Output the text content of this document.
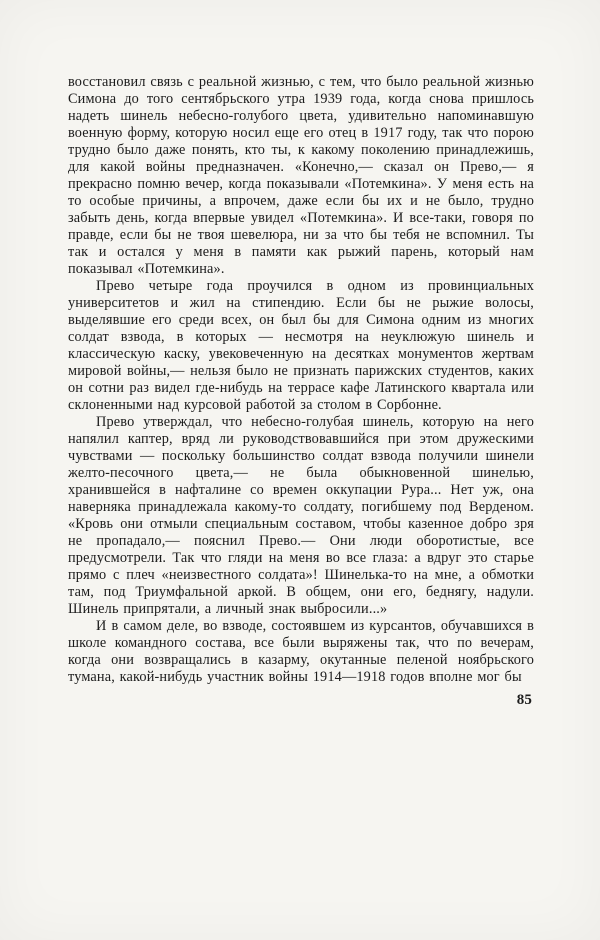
восстановил связь с реальной жизнью, с тем, что было реальной жизнью Симона до того сентябрьского утра 1939 года, когда снова пришлось надеть шинель небесно-голубого цвета, удивительно напоминавшую военную форму, которую носил еще его отец в 1917 году, так что порою трудно было даже понять, кто ты, к какому поколению принадлежишь, для какой войны предназначен. «Конечно,— сказал он Прево,— я прекрасно помню вечер, когда показывали «Потемкина». У меня есть на то особые причины, а впрочем, даже если бы их и не было, трудно забыть день, когда впервые увидел «Потемкина». И все-таки, говоря по правде, если бы не твоя шевелюра, ни за что бы тебя не вспомнил. Ты так и остался у меня в памяти как рыжий парень, который нам показывал «Потемкина».

Прево четыре года проучился в одном из провинциальных университетов и жил на стипендию. Если бы не рыжие волосы, выделявшие его среди всех, он был бы для Симона одним из многих солдат взвода, в которых — несмотря на неуклюжую шинель и классическую каску, увековеченную на десятках монументов жертвам мировой войны,— нельзя было не признать парижских студентов, каких он сотни раз видел где-нибудь на террасе кафе Латинского квартала или склоненными над курсовой работой за столом в Сорбонне.

Прево утверждал, что небесно-голубая шинель, которую на него напялил каптер, вряд ли руководствовавшийся при этом дружескими чувствами — поскольку большинство солдат взвода получили шинели желто-песочного цвета,— не была обыкновенной шинелью, хранившейся в нафталине со времен оккупации Рура... Нет уж, она наверняка принадлежала какому-то солдату, погибшему под Верденом. «Кровь они отмыли специальным составом, чтобы казенное добро зря не пропадало,— пояснил Прево.— Они люди оборотистые, все предусмотрели. Так что гляди на меня во все глаза: а вдруг это старье прямо с плеч «неизвестного солдата»! Шинелька-то на мне, а обмотки там, под Триумфальной аркой. В общем, они его, беднягу, надули. Шинель припрятали, а личный знак выбросили...»

И в самом деле, во взводе, состоявшем из курсантов, обучавшихся в школе командного состава, все были выряжены так, что по вечерам, когда они возвращались в казарму, окутанные пеленой ноябрьского тумана, какой-нибудь участник войны 1914—1918 годов вполне мог бы

85
